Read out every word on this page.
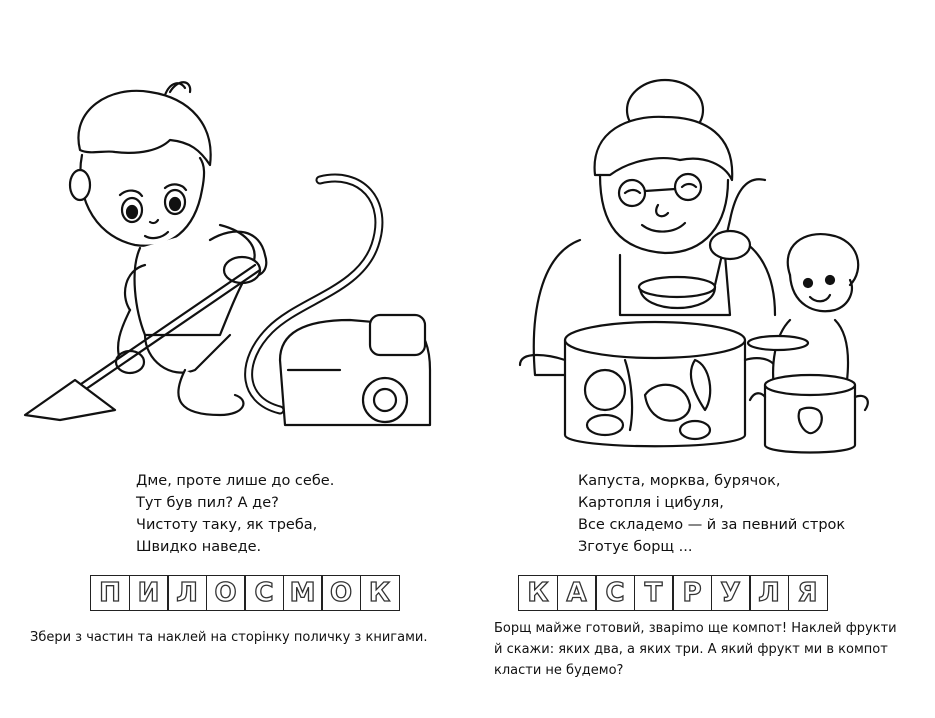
Дме, проте лише до себе.
Тут був пил? А де?
Чистоту таку, як треба,
Швидко наведе.
П И Л О С М О К
Збери з частин та наклей на сторінку поличку з книгами.
Капуста, морква, бурячок,
Картопля і цибуля,
Все складемо — й за певний строк
Зготує борщ ...
К А С Т Р У Л Я
Борщ майже готовий, зваріmo ще компот! Наклей фрукти
й скажи: яких два, а яких три. А який фрукт ми в компот
класти не будемо?
